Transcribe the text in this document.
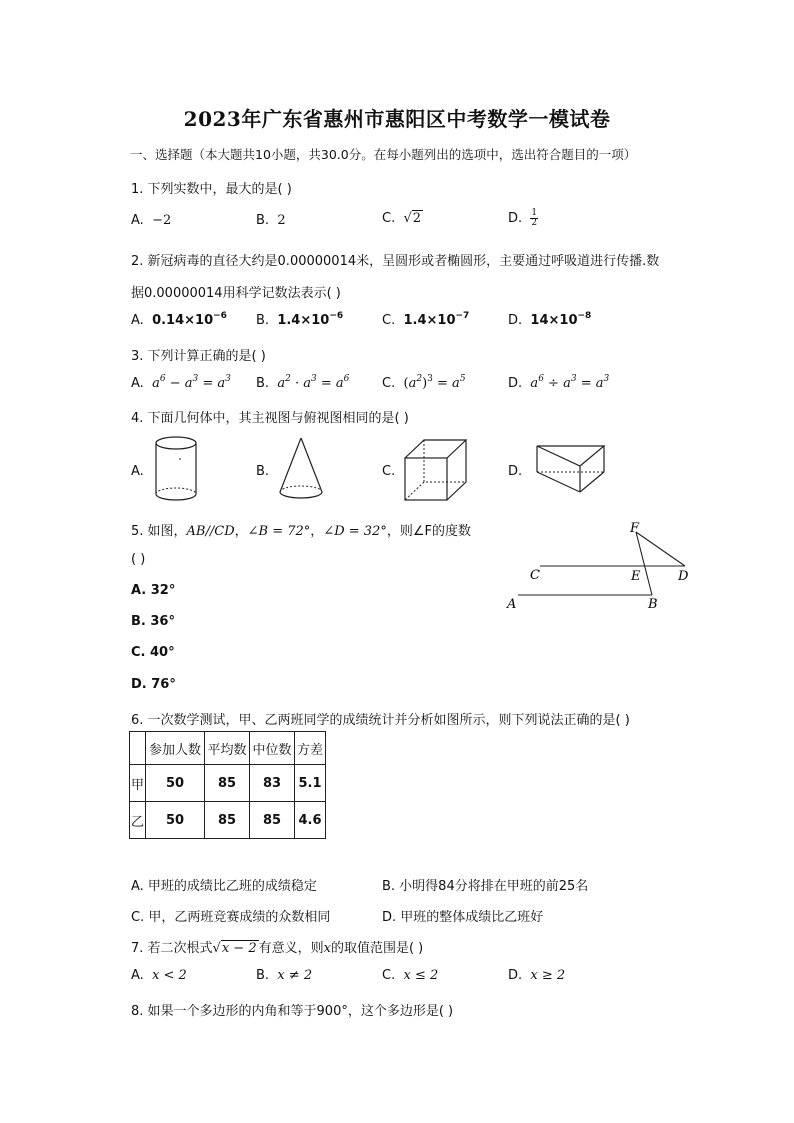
2023年广东省惠州市惠阳区中考数学一模试卷
一、选择题（本大题共10小题，共30.0分。在每小题列出的选项中，选出符合题目的一项）
1. 下列实数中，最大的是( )
A. −2	B. 2	C. √2	D. $\frac{1}{2}$
2. 新冠病毒的直径大约是0.00000014米，呈圆形或者椭圆形，主要通过呼吸道进行传播.数
据0.00000014用科学记数法表示( )
A. $0.14\times 10^{-6}$ B. $1.4\times 10^{-6}$	C. $1.4\times 10^{-7}$	D. $14\times 10^{-8}$
3. 下列计算正确的是( )
A. $a^6 - a^3 = a^3$ B. $a^2 \cdot a^3 = a^6$	C. $(a^2)^3 = a^5$	D. $a^6 \div a^3 = a^3$
4. 下面几何体中，其主视图与俯视图相同的是( )
A.	B.	C.	D.
5. 如图，AB//CD，∠B = 72°，∠D = 32°，则∠F的度数
( )
A. 32°
B. 36°
C. 40°
D. 76°
F
C	E	D
A	B
6. 一次数学测试，甲、乙两班同学的成绩统计并分析如图所示，则下列说法正确的是( )
	参加人数	平均数	中位数	方差
甲	50	85	83	5.1
乙	50	85	85	4.6
A. 甲班的成绩比乙班的成绩稳定	B. 小明得84分将排在甲班的前25名
C. 甲，乙两班竞赛成绩的众数相同	D. 甲班的整体成绩比乙班好
7. 若二次根式√x − 2 有意义，则x的取值范围是( )
A. x < 2	B. x ≠ 2	C. x ≤ 2	D. x ≥ 2
8. 如果一个多边形的内角和等于900°，这个多边形是( )
